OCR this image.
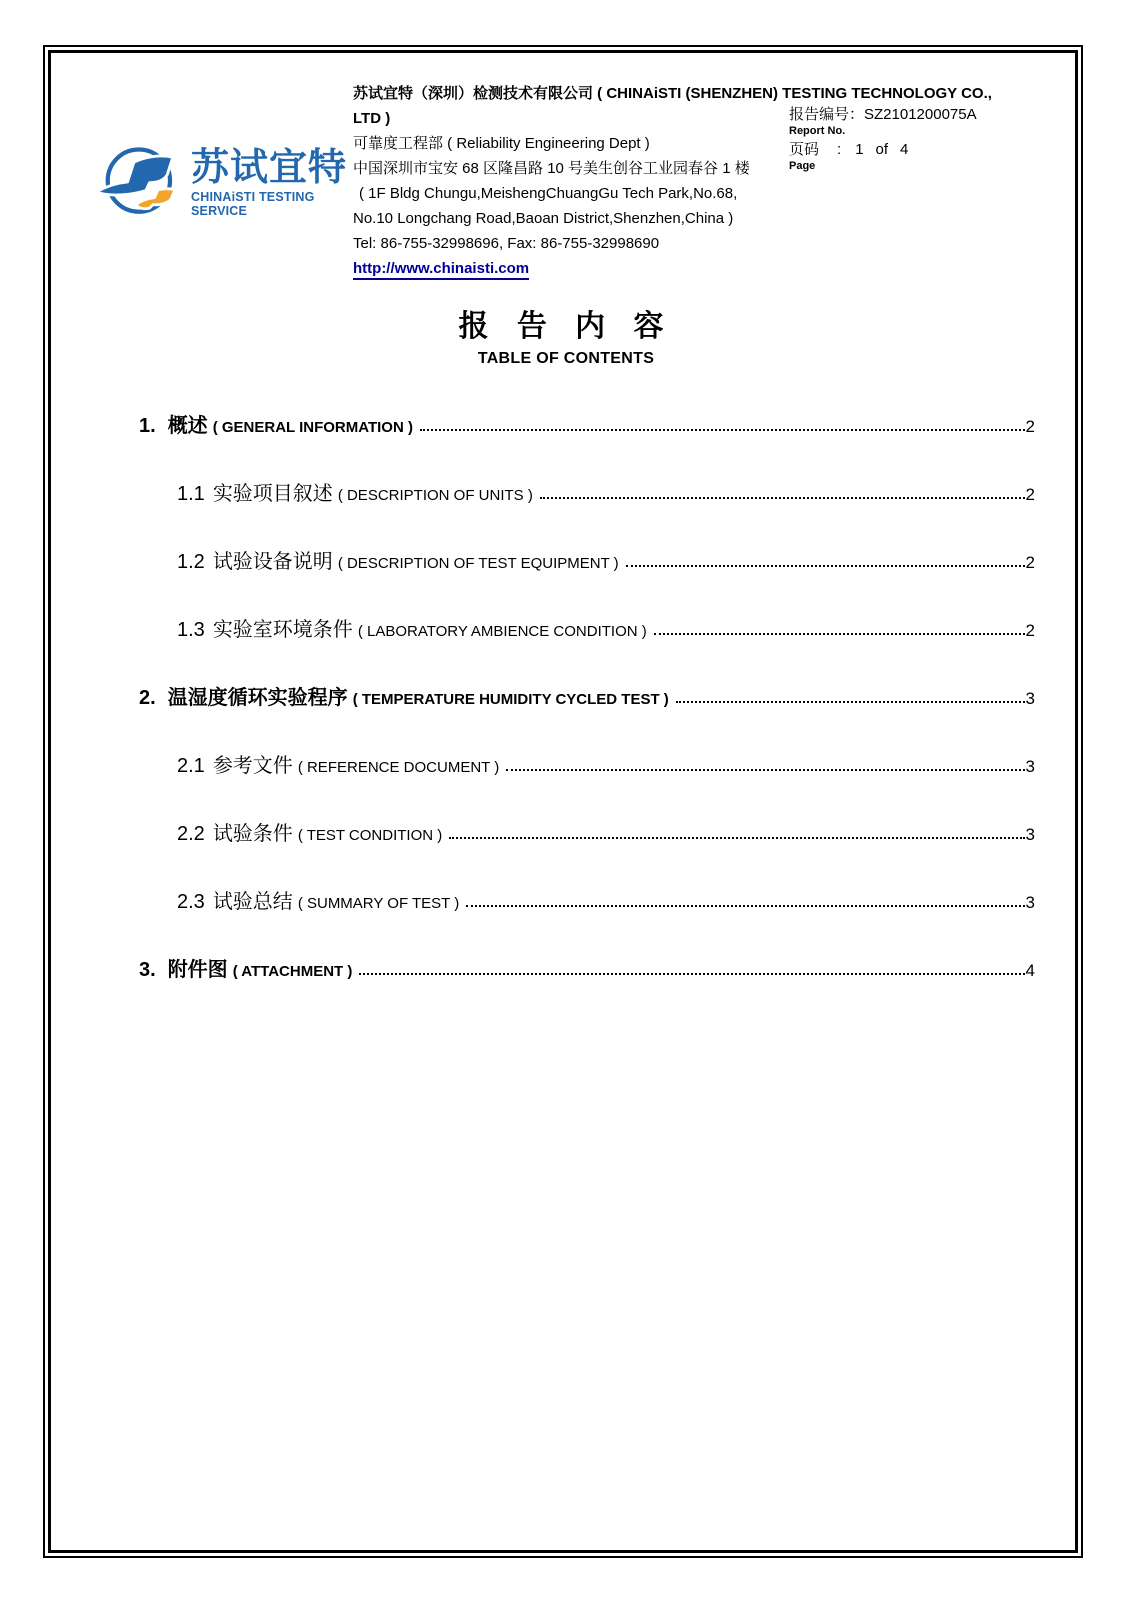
苏试宜特
CHINAiSTI TESTING SERVICE
苏试宜特（深圳）检测技术有限公司 ( CHINAiSTI (SHENZHEN) TESTING TECHNOLOGY CO.,
LTD )
可靠度工程部 ( Reliability Engineering Dept )
中国深圳市宝安 68 区隆昌路 10 号美生创谷工业园春谷 1 楼
( 1F Bldg Chungu,MeishengChuangGu Tech Park,No.68,
No.10 Longchang Road,Baoan District,Shenzhen,China )
Tel: 86-755-32998696, Fax: 86-755-32998690
http://www.chinaisti.com
报告编号：SZ2101200075A
Report No.
页码 : 1 of 4
Page
报 告 内 容
TABLE OF CONTENTS
1. 概述 ( GENERAL INFORMATION )	2
1.1 实验项目叙述 ( DESCRIPTION OF UNITS )	2
1.2 试验设备说明 ( DESCRIPTION OF TEST EQUIPMENT )	2
1.3 实验室环境条件 ( LABORATORY AMBIENCE CONDITION )	2
2. 温湿度循环实验程序 ( TEMPERATURE HUMIDITY CYCLED TEST )	3
2.1 参考文件 ( REFERENCE DOCUMENT )	3
2.2 试验条件 ( TEST CONDITION )	3
2.3 试验总结 ( SUMMARY OF TEST )	3
3. 附件图 ( ATTACHMENT )	4
